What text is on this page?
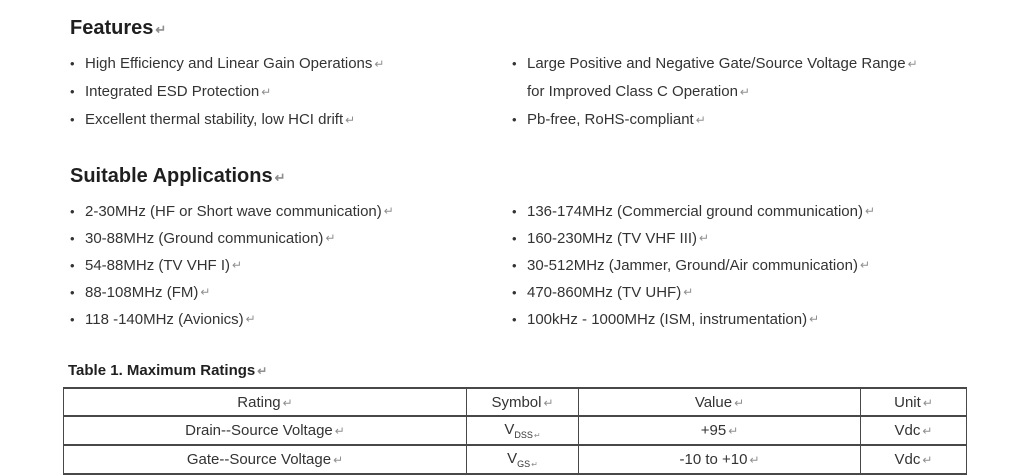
Features ↵
• High Efficiency and Linear Gain Operations ↵
• Integrated ESD Protection ↵
• Excellent thermal stability, low HCI drift ↵
• Large Positive and Negative Gate/Source Voltage Range ↵
for Improved Class C Operation ↵
• Pb-free, RoHS-compliant ↵
Suitable Applications ↵
• 2-30MHz (HF or Short wave communication) ↵
• 30-88MHz (Ground communication) ↵
• 54-88MHz (TV VHF I) ↵
• 88-108MHz (FM) ↵
• 118 -140MHz (Avionics) ↵
• 136-174MHz (Commercial ground communication) ↵
• 160-230MHz (TV VHF III) ↵
• 30-512MHz (Jammer, Ground/Air communication) ↵
• 470-860MHz (TV UHF) ↵
• 100kHz - 1000MHz (ISM, instrumentation) ↵
Table 1. Maximum Ratings ↵
Rating ↵	Symbol ↵	Value ↵	Unit ↵
Drain--Source Voltage ↵	$V_{DSS↵}$	+95 ↵	Vdc ↵
Gate--Source Voltage ↵	$V_{GS↵}$	-10 to +10 ↵	Vdc ↵
